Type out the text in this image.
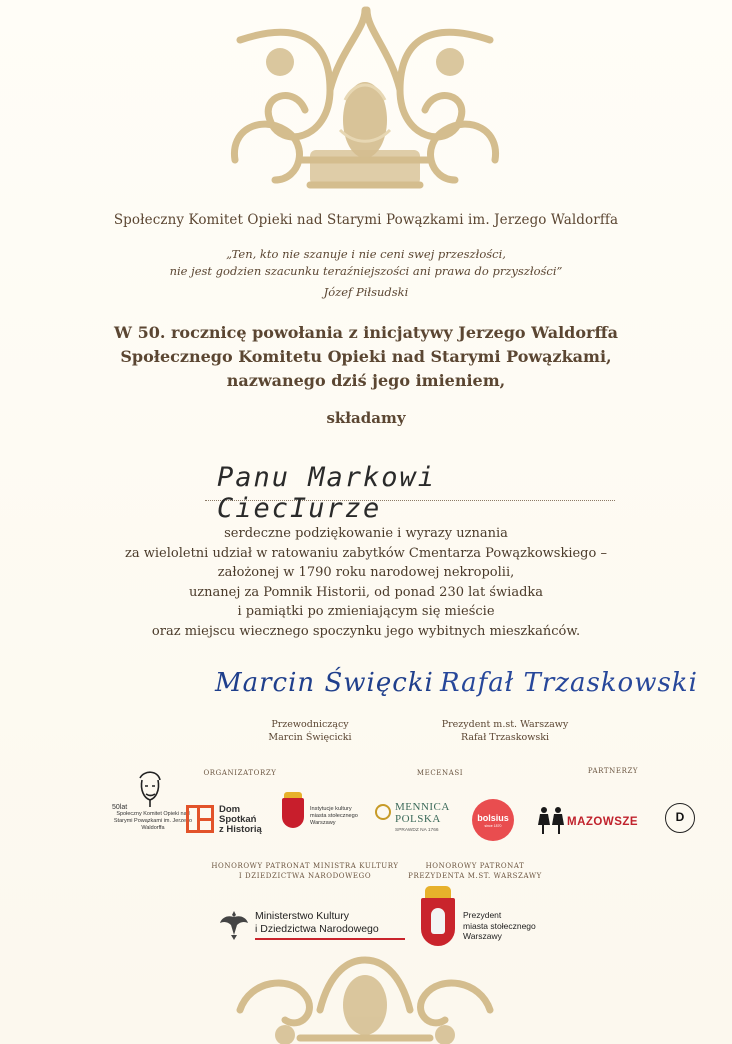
Społeczny Komitet Opieki nad Starymi Powązkami im. Jerzego Waldorffa
„Ten, kto nie szanuje i nie ceni swej przeszłości,
nie jest godzien szacunku teraźniejszości ani prawa do przyszłości”
Józef Piłsudski
W 50. rocznicę powołania z inicjatywy Jerzego Waldorffa
Społecznego Komitetu Opieki nad Starymi Powązkami,
nazwanego dziś jego imieniem,
składamy
Panu Markowi CiecIurze
serdeczne podziękowanie i wyrazy uznania
za wieloletni udział w ratowaniu zabytków Cmentarza Powązkowskiego –
założonej w 1790 roku narodowej nekropolii,
uznanej za Pomnik Historii, od ponad 230 lat świadka
i pamiątki po zmieniającym się mieście
oraz miejscu wiecznego spoczynku jego wybitnych mieszkańców.
Marcin Święcki Rafał Trzaskowski
Przewodniczący
Marcin Święcicki
Prezydent m.st. Warszawy
Rafał Trzaskowski
ORGANIZATORZY	MECENASI	PARTNERZY
50lat
Społeczny Komitet Opieki nad Starymi Powązkami im. Jerzego Waldorffa
Dom
Spotkań
z Historią
Instytucje kultury
miasta stołecznego
Warszawy
MENNICA
POLSKA
SPRAWDZ NA 1766
bolsius
since 1870	MAZOWSZE	D
HONOROWY PATRONAT MINISTRA KULTURY
I DZIEDZICTWA NARODOWEGO
HONOROWY PATRONAT
PREZYDENTA M.ST. WARSZAWY
Ministerstwo Kultury
i Dziedzictwa Narodowego
Prezydent
miasta stołecznego
Warszawy
